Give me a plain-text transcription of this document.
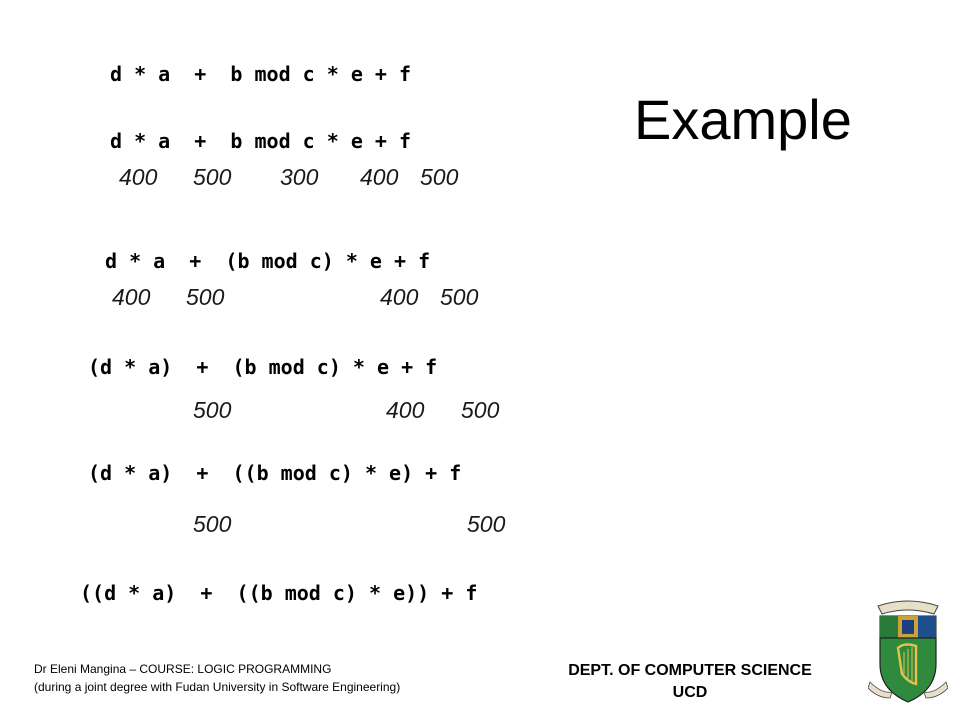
Example
d * a  +  b mod c * e + f
d * a  +  b mod c * e + f
400 500 300 400 500
d * a  +  (b mod c) * e + f
400 500	400 500
(d * a)  +  (b mod c) * e + f
500	400 500
(d * a)  +  ((b mod c) * e) + f
500	500
((d * a)  +  ((b mod c) * e)) + f
Dr Eleni Mangina – COURSE: LOGIC PROGRAMMING
(during a joint degree with Fudan University in Software Engineering)
DEPT. OF COMPUTER SCIENCE
UCD
